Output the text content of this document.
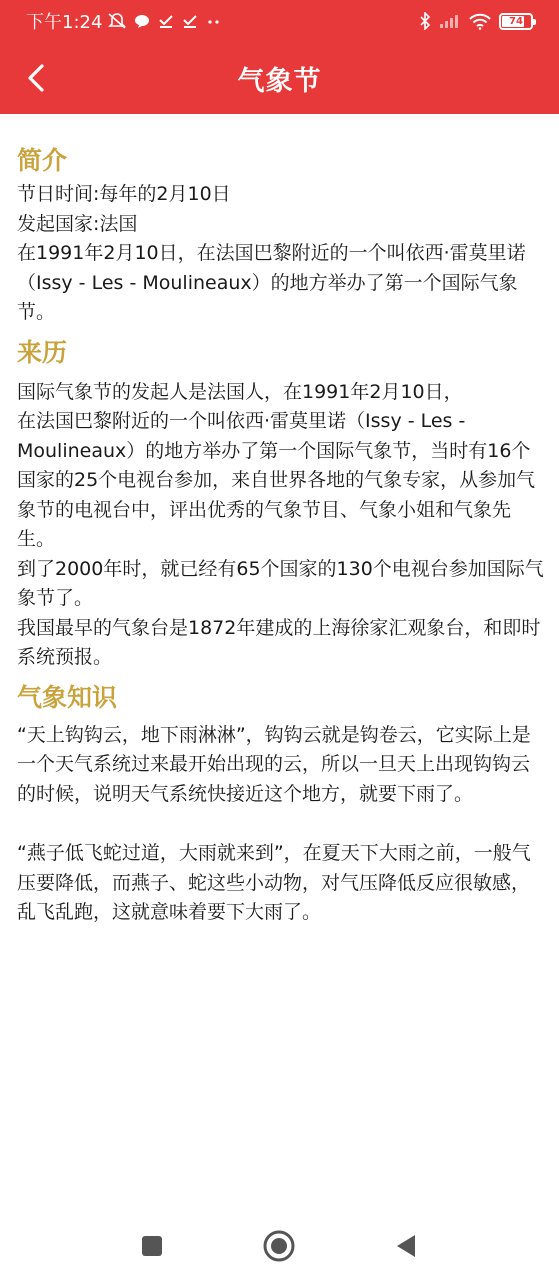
下午1:24	74
气象节
简介

节日时间:每年的2月10日

发起国家:法国

在1991年2月10日，在法国巴黎附近的一个叫依西·雷莫里诺（Issy - Les - Moulineaux）的地方举办了第一个国际气象节。

来历

国际气象节的发起人是法国人，在1991年2月10日，

在法国巴黎附近的一个叫依西·雷莫里诺（Issy - Les - Moulineaux）的地方举办了第一个国际气象节，当时有16个国家的25个电视台参加，来自世界各地的气象专家，从参加气象节的电视台中，评出优秀的气象节目、气象小姐和气象先生。

到了2000年时，就已经有65个国家的130个电视台参加国际气象节了。

我国最早的气象台是1872年建成的上海徐家汇观象台，和即时系统预报。

气象知识

“天上钩钩云，地下雨淋淋”，钩钩云就是钩卷云，它实际上是一个天气系统过来最开始出现的云，所以一旦天上出现钩钩云的时候，说明天气系统快接近这个地方，就要下雨了。

“燕子低飞蛇过道，大雨就来到”，在夏天下大雨之前，一般气压要降低，而燕子、蛇这些小动物，对气压降低反应很敏感，乱飞乱跑，这就意味着要下大雨了。
